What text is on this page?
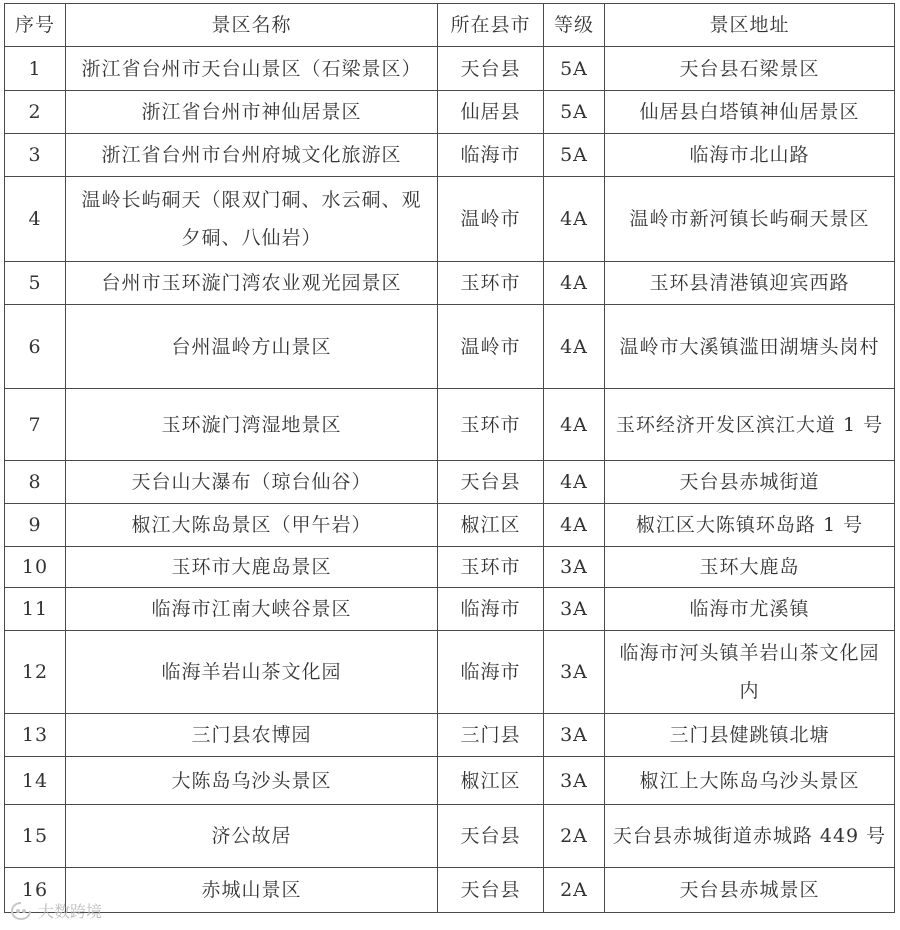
序号	景区名称	所在县市	等级	景区地址
1	浙江省台州市天台山景区（石梁景区）	天台县	5A	天台县石梁景区
2	浙江省台州市神仙居景区	仙居县	5A	仙居县白塔镇神仙居景区
3	浙江省台州市台州府城文化旅游区	临海市	5A	临海市北山路
4	温岭长屿硐天（限双门硐、水云硐、观夕硐、八仙岩）	温岭市	4A	温岭市新河镇长屿硐天景区
5	台州市玉环漩门湾农业观光园景区	玉环市	4A	玉环县清港镇迎宾西路
6	台州温岭方山景区	温岭市	4A	温岭市大溪镇滥田湖塘头岗村
7	玉环漩门湾湿地景区	玉环市	4A	玉环经济开发区滨江大道 1 号
8	天台山大瀑布（琼台仙谷）	天台县	4A	天台县赤城街道
9	椒江大陈岛景区（甲午岩）	椒江区	4A	椒江区大陈镇环岛路 1 号
10	玉环市大鹿岛景区	玉环市	3A	玉环大鹿岛
11	临海市江南大峡谷景区	临海市	3A	临海市尤溪镇
12	临海羊岩山茶文化园	临海市	3A	临海市河头镇羊岩山茶文化园内
13	三门县农博园	三门县	3A	三门县健跳镇北塘
14	大陈岛乌沙头景区	椒江区	3A	椒江上大陈岛乌沙头景区
15	济公故居	天台县	2A	天台县赤城街道赤城路 449 号
16	赤城山景区	天台县	2A	天台县赤城景区
大数跨境
